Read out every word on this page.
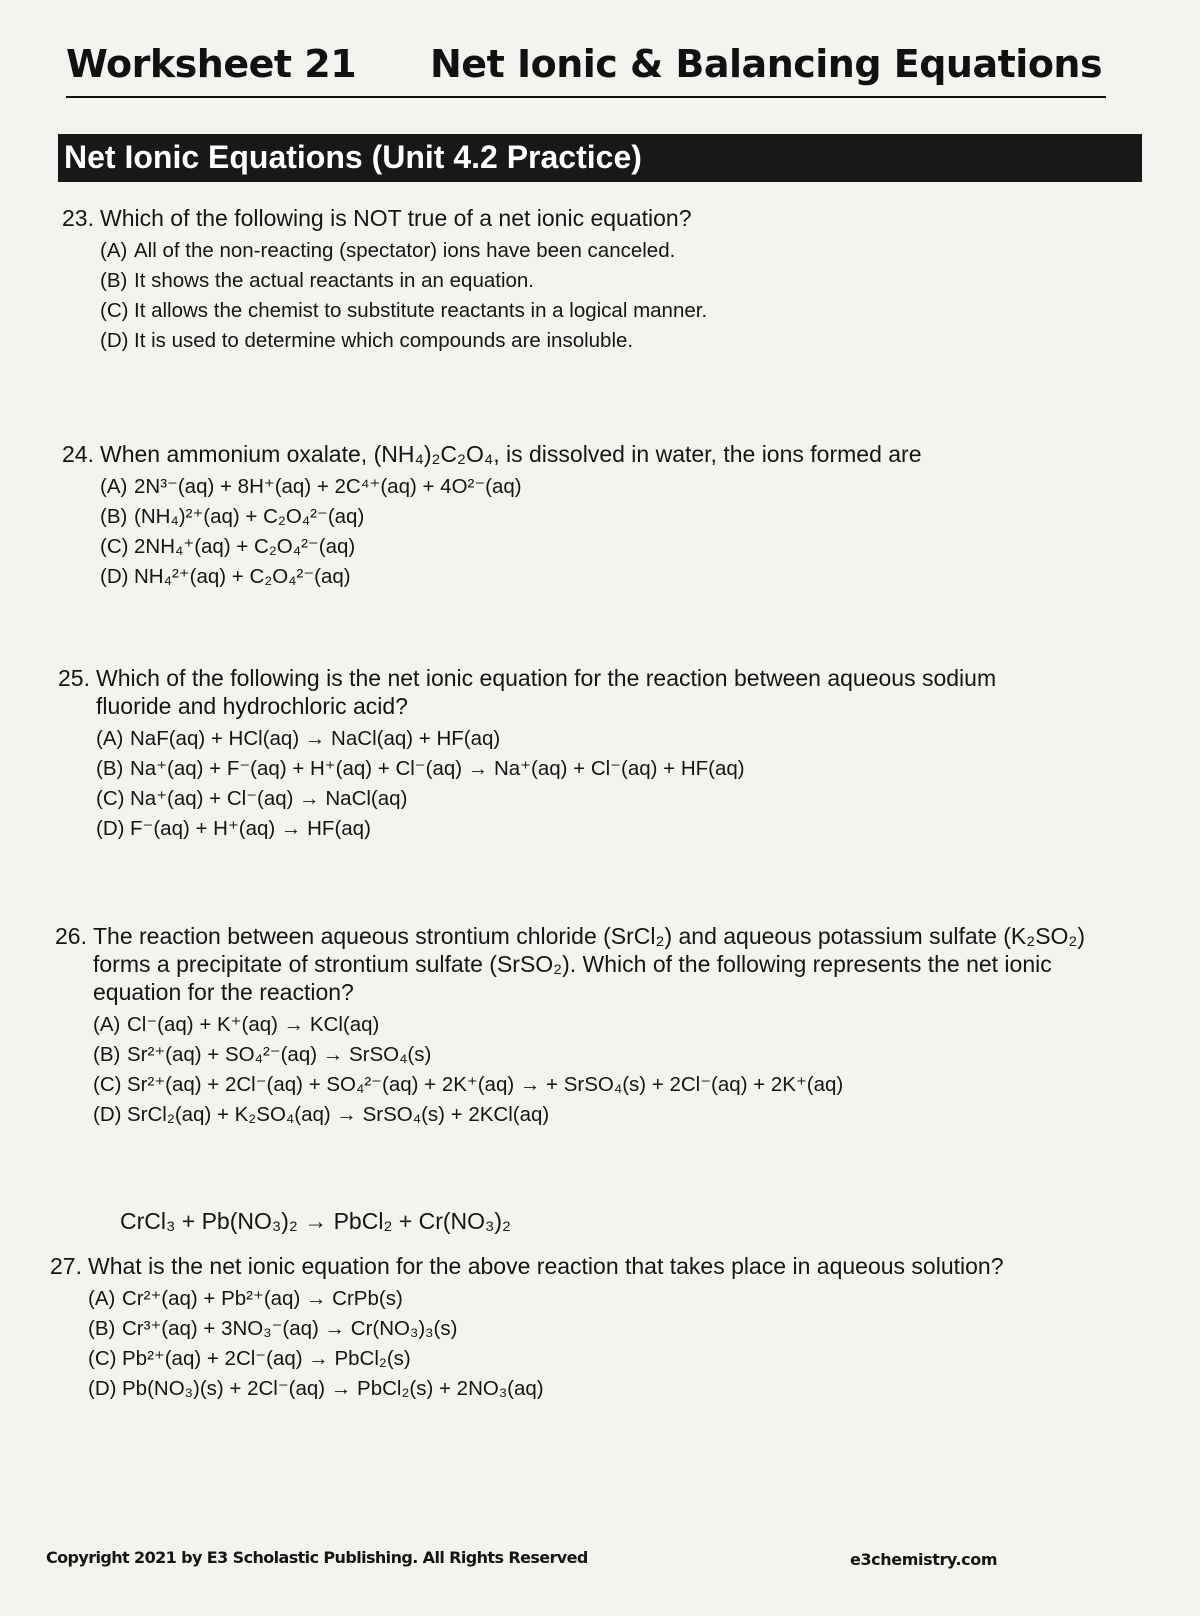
Worksheet 21 Net Ionic & Balancing Equations
Net Ionic Equations (Unit 4.2 Practice)
23. Which of the following is NOT true of a net ionic equation?
(A) All of the non-reacting (spectator) ions have been canceled.
(B) It shows the actual reactants in an equation.
(C) It allows the chemist to substitute reactants in a logical manner.
(D) It is used to determine which compounds are insoluble.
24. When ammonium oxalate, (NH₄)₂C₂O₄, is dissolved in water, the ions formed are
(A) 2N³⁻(aq) + 8H⁺(aq) + 2C⁴⁺(aq) + 4O²⁻(aq)
(B) (NH₄)²⁺(aq) + C₂O₄²⁻(aq)
(C) 2NH₄⁺(aq) + C₂O₄²⁻(aq)
(D) NH₄²⁺(aq) + C₂O₄²⁻(aq)
25. Which of the following is the net ionic equation for the reaction between aqueous sodium
fluoride and hydrochloric acid?
(A) NaF(aq) + HCl(aq) → NaCl(aq) + HF(aq)
(B) Na⁺(aq) + F⁻(aq) + H⁺(aq) + Cl⁻(aq) → Na⁺(aq) + Cl⁻(aq) + HF(aq)
(C) Na⁺(aq) + Cl⁻(aq) → NaCl(aq)
(D) F⁻(aq) + H⁺(aq) → HF(aq)
26. The reaction between aqueous strontium chloride (SrCl₂) and aqueous potassium sulfate (K₂SO₂)
forms a precipitate of strontium sulfate (SrSO₂). Which of the following represents the net ionic
equation for the reaction?
(A) Cl⁻(aq) + K⁺(aq) → KCl(aq)
(B) Sr²⁺(aq) + SO₄²⁻(aq) → SrSO₄(s)
(C) Sr²⁺(aq) + 2Cl⁻(aq) + SO₄²⁻(aq) + 2K⁺(aq) → + SrSO₄(s) + 2Cl⁻(aq) + 2K⁺(aq)
(D) SrCl₂(aq) + K₂SO₄(aq) → SrSO₄(s) + 2KCl(aq)
CrCl₃ + Pb(NO₃)₂ → PbCl₂ + Cr(NO₃)₂
27. What is the net ionic equation for the above reaction that takes place in aqueous solution?
(A) Cr²⁺(aq) + Pb²⁺(aq) → CrPb(s)
(B) Cr³⁺(aq) + 3NO₃⁻(aq) → Cr(NO₃)₃(s)
(C) Pb²⁺(aq) + 2Cl⁻(aq) → PbCl₂(s)
(D) Pb(NO₃)(s) + 2Cl⁻(aq) → PbCl₂(s) + 2NO₃(aq)
Copyright 2021 by E3 Scholastic Publishing. All Rights Reserved	e3chemistry.com
